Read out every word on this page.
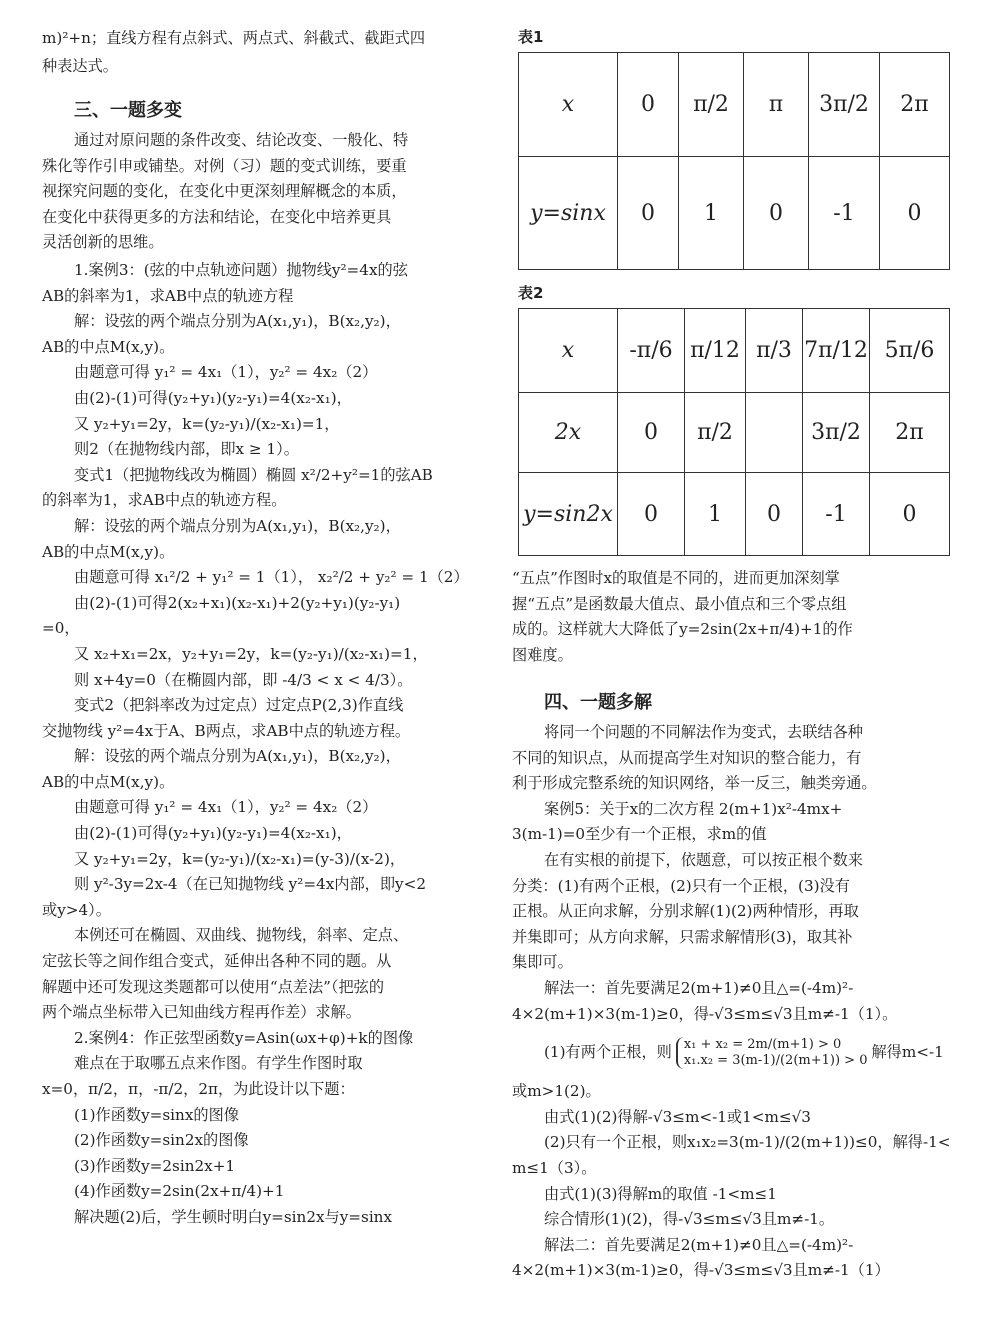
m)²+n；直线方程有点斜式、两点式、斜截式、截距式四

种表达式。

三、一题多变

通过对原问题的条件改变、结论改变、一般化、特

殊化等作引申或铺垫。对例（习）题的变式训练，要重

视探究问题的变化，在变化中更深刻理解概念的本质，

在变化中获得更多的方法和结论，在变化中培养更具

灵活创新的思维。

1.案例3：(弦的中点轨迹问题）抛物线y²=4x的弦

AB的斜率为1，求AB中点的轨迹方程

解：设弦的两个端点分别为A(x₁,y₁)，B(x₂,y₂)，

AB的中点M(x,y)。

由题意可得 y₁² = 4x₁（1），y₂² = 4x₂（2）

由(2)-(1)可得(y₂+y₁)(y₂-y₁)=4(x₂-x₁)，

又 y₂+y₁=2y，k=(y₂-y₁)/(x₂-x₁)=1，

则2（在抛物线内部，即x ≥ 1）。

变式1（把抛物线改为椭圆）椭圆 x²/2+y²=1的弦AB

的斜率为1，求AB中点的轨迹方程。

解：设弦的两个端点分别为A(x₁,y₁)，B(x₂,y₂)，

AB的中点M(x,y)。

由题意可得 x₁²/2 + y₁² = 1（1）， x₂²/2 + y₂² = 1（2）

由(2)-(1)可得2(x₂+x₁)(x₂-x₁)+2(y₂+y₁)(y₂-y₁)

=0，

又 x₂+x₁=2x，y₂+y₁=2y，k=(y₂-y₁)/(x₂-x₁)=1，

则 x+4y=0（在椭圆内部，即 -4/3 < x < 4/3）。

变式2（把斜率改为过定点）过定点P(2,3)作直线

交抛物线 y²=4x于A、B两点，求AB中点的轨迹方程。

解：设弦的两个端点分别为A(x₁,y₁)，B(x₂,y₂)，

AB的中点M(x,y)。

由题意可得 y₁² = 4x₁（1），y₂² = 4x₂（2）

由(2)-(1)可得(y₂+y₁)(y₂-y₁)=4(x₂-x₁)，

又 y₂+y₁=2y，k=(y₂-y₁)/(x₂-x₁)=(y-3)/(x-2)，

则 y²-3y=2x-4（在已知抛物线 y²=4x内部，即y<2

或y>4）。

本例还可在椭圆、双曲线、抛物线，斜率、定点、

定弦长等之间作组合变式，延伸出各种不同的题。从

解题中还可发现这类题都可以使用“点差法”（把弦的

两个端点坐标带入已知曲线方程再作差）求解。

2.案例4：作正弦型函数y=Asin(ωx+φ)+k的图像

难点在于取哪五点来作图。有学生作图时取

x=0，π/2，π，-π/2，2π，为此设计以下题：

(1)作函数y=sinx的图像

(2)作函数y=sin2x的图像

(3)作函数y=2sin2x+1

(4)作函数y=2sin(2x+π/4)+1

解决题(2)后，学生顿时明白y=sin2x与y=sinx

表1
x	0	π/2	π	3π/2	2π
y=sinx	0	1	0	-1	0
表2
x	-π/6	π/12	π/3	7π/12	5π/6
2x	0	π/2		3π/2	2π
y=sin2x	0	1	0	-1	0

“五点”作图时x的取值是不同的，进而更加深刻掌

握“五点”是函数最大值点、最小值点和三个零点组

成的。这样就大大降低了y=2sin(2x+π/4)+1的作

图难度。

四、一题多解

将同一个问题的不同解法作为变式，去联结各种

不同的知识点，从而提高学生对知识的整合能力，有

利于形成完整系统的知识网络，举一反三，触类旁通。

案例5：关于x的二次方程 2(m+1)x²-4mx+

3(m-1)=0至少有一个正根，求m的值

在有实根的前提下，依题意，可以按正根个数来

分类：(1)有两个正根，(2)只有一个正根，(3)没有

正根。从正向求解，分别求解(1)(2)两种情形，再取

并集即可；从方向求解，只需求解情形(3)，取其补

集即可。

解法一：首先要满足2(m+1)≠0且△=(-4m)²-

4×2(m+1)×3(m-1)≥0，得-√3≤m≤√3且m≠-1（1）。

(1)有两个正根，则 x₁ + x₂ = 2m/(m+1) > 0
x₁.x₂ = 3(m-1)/(2(m+1)) > 0 解得m<-1

或m>1(2)。

由式(1)(2)得解-√3≤m<-1或1<m≤√3

(2)只有一个正根，则x₁x₂=3(m-1)/(2(m+1))≤0，解得-1<

m≤1（3）。

由式(1)(3)得解m的取值 -1<m≤1

综合情形(1)(2)，得-√3≤m≤√3且m≠-1。

解法二：首先要满足2(m+1)≠0且△=(-4m)²-

4×2(m+1)×3(m-1)≥0，得-√3≤m≤√3且m≠-1（1）
